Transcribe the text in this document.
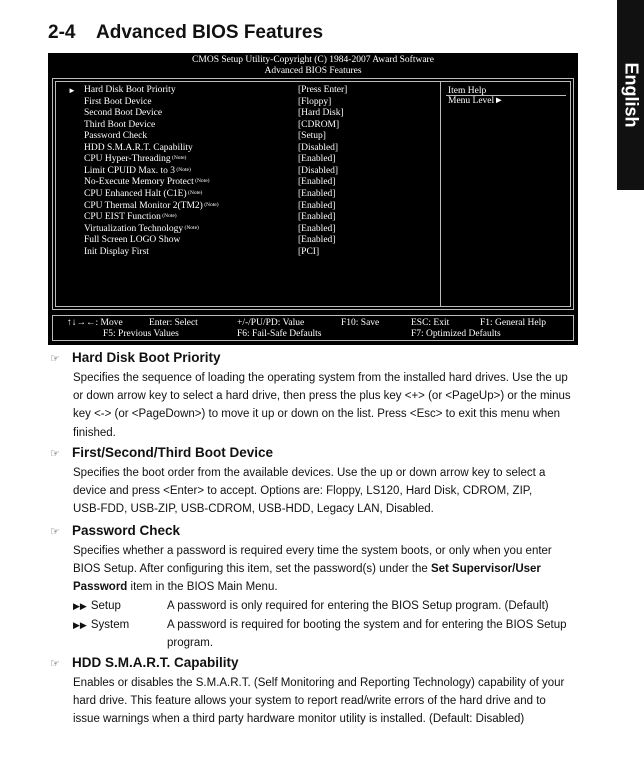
English
2-4 Advanced BIOS Features
CMOS Setup Utility-Copyright (C) 1984-2007 Award Software
Advanced BIOS Features
Item Help
Menu Level►
► Hard Disk Boot Priority	[Press Enter]
First Boot Device	[Floppy]
Second Boot Device	[Hard Disk]
Third Boot Device	[CDROM]
Password Check	[Setup]
HDD S.M.A.R.T. Capability	[Disabled]
CPU Hyper-Threading $^{(Note)}$	[Enabled]
Limit CPUID Max. to 3 $^{(Note)}$	[Disabled]
No-Execute Memory Protect $^{(Note)}$	[Enabled]
CPU Enhanced Halt (C1E) $^{(Note)}$	[Enabled]
CPU Thermal Monitor 2(TM2) $^{(Note)}$	[Enabled]
CPU EIST Function $^{(Note)}$	[Enabled]
Virtualization Technology $^{(Note)}$	[Enabled]
Full Screen LOGO Show	[Enabled]
Init Display First	[PCI]
↑↓→←: Move	Enter: Select	+/-/PU/PD: Value	F10: Save	ESC: Exit	F1: General Help
F5: Previous Values	F6: Fail-Safe Defaults	F7: Optimized Defaults
☞ Hard Disk Boot Priority
Specifies the sequence of loading the operating system from the installed hard drives. Use the up
or down arrow key to select a hard drive, then press the plus key <+> (or <PageUp>) or the minus
key <-> (or <PageDown>) to move it up or down on the list. Press <Esc> to exit this menu when
finished.
☞ First/Second/Third Boot Device
Specifies the boot order from the available devices. Use the up or down arrow key to select a
device and press <Enter> to accept. Options are: Floppy, LS120, Hard Disk, CDROM, ZIP,
USB-FDD, USB-ZIP, USB-CDROM, USB-HDD, Legacy LAN, Disabled.
☞ Password Check
Specifies whether a password is required every time the system boots, or only when you enter
BIOS Setup. After configuring this item, set the password(s) under the Set Supervisor/User
Password item in the BIOS Main Menu.
▶▶ Setup	A password is only required for entering the BIOS Setup program. (Default)
▶▶ System	A password is required for booting the system and for entering the BIOS Setup
program.
☞ HDD S.M.A.R.T. Capability
Enables or disables the S.M.A.R.T. (Self Monitoring and Reporting Technology) capability of your
hard drive. This feature allows your system to report read/write errors of the hard drive and to
issue warnings when a third party hardware monitor utility is installed. (Default: Disabled)
